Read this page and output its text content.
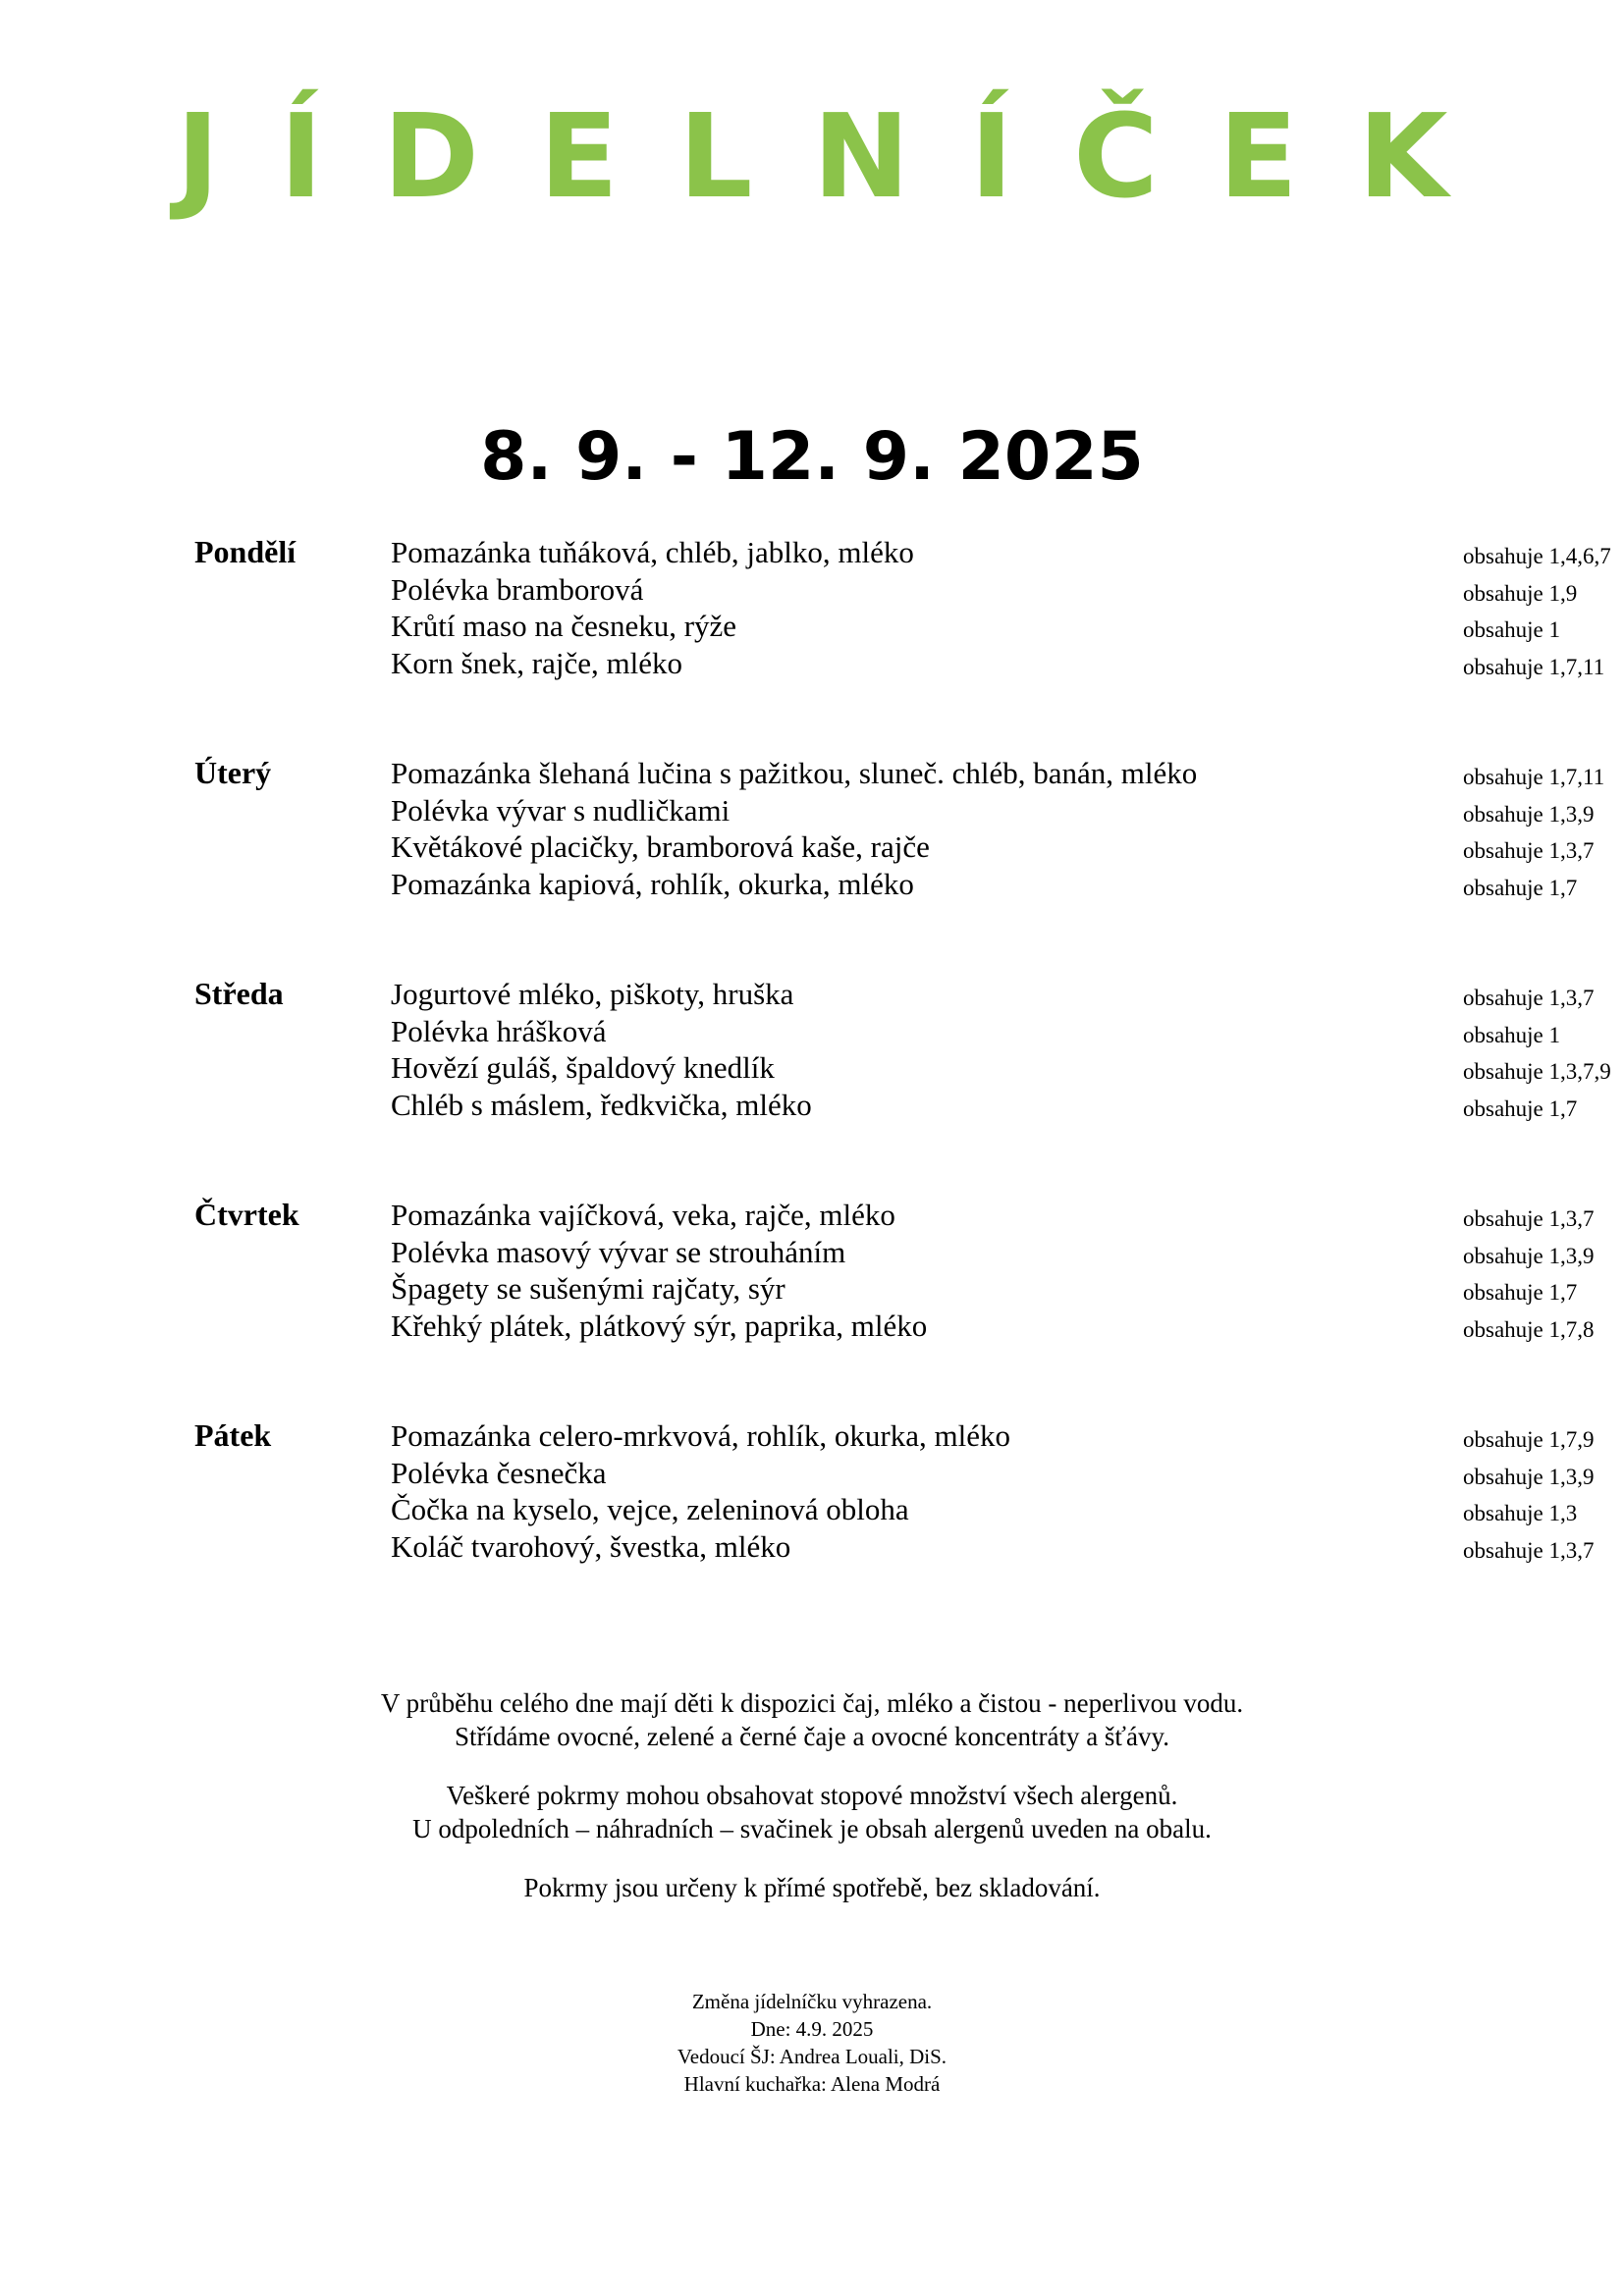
JÍDELNÍČEK
8. 9. - 12. 9. 2025
Pondělí	Pomazánka tuňáková, chléb, jablko, mléko	obsahuje 1,4,6,7
Polévka bramborová	obsahuje 1,9
Krůtí maso na česneku, rýže	obsahuje 1
Korn šnek, rajče, mléko	obsahuje 1,7,11
Úterý	Pomazánka šlehaná lučina s pažitkou, sluneč. chléb, banán, mléko	obsahuje 1,7,11
Polévka vývar s nudličkami	obsahuje 1,3,9
Květákové placičky, bramborová kaše, rajče	obsahuje 1,3,7
Pomazánka kapiová, rohlík, okurka, mléko	obsahuje 1,7
Středa	Jogurtové mléko, piškoty, hruška	obsahuje 1,3,7
Polévka hrášková	obsahuje 1
Hovězí guláš, špaldový knedlík	obsahuje 1,3,7,9
Chléb s máslem, ředkvička, mléko	obsahuje 1,7
Čtvrtek	Pomazánka vajíčková, veka, rajče, mléko	obsahuje 1,3,7
Polévka masový vývar se strouháním	obsahuje 1,3,9
Špagety se sušenými rajčaty, sýr	obsahuje 1,7
Křehký plátek, plátkový sýr, paprika, mléko	obsahuje 1,7,8
Pátek	Pomazánka celero-mrkvová, rohlík, okurka, mléko	obsahuje 1,7,9
Polévka česnečka	obsahuje 1,3,9
Čočka na kyselo, vejce, zeleninová obloha	obsahuje 1,3
Koláč tvarohový, švestka, mléko	obsahuje 1,3,7
V průběhu celého dne mají děti k dispozici čaj, mléko a čistou - neperlivou vodu.
Střídáme ovocné, zelené a černé čaje a ovocné koncentráty a šťávy.
Veškeré pokrmy mohou obsahovat stopové množství všech alergenů.
U odpoledních – náhradních – svačinek je obsah alergenů uveden na obalu.
Pokrmy jsou určeny k přímé spotřebě, bez skladování.
Změna jídelníčku vyhrazena.
Dne: 4.9. 2025
Vedoucí ŠJ: Andrea Louali, DiS.
Hlavní kuchařka: Alena Modrá
